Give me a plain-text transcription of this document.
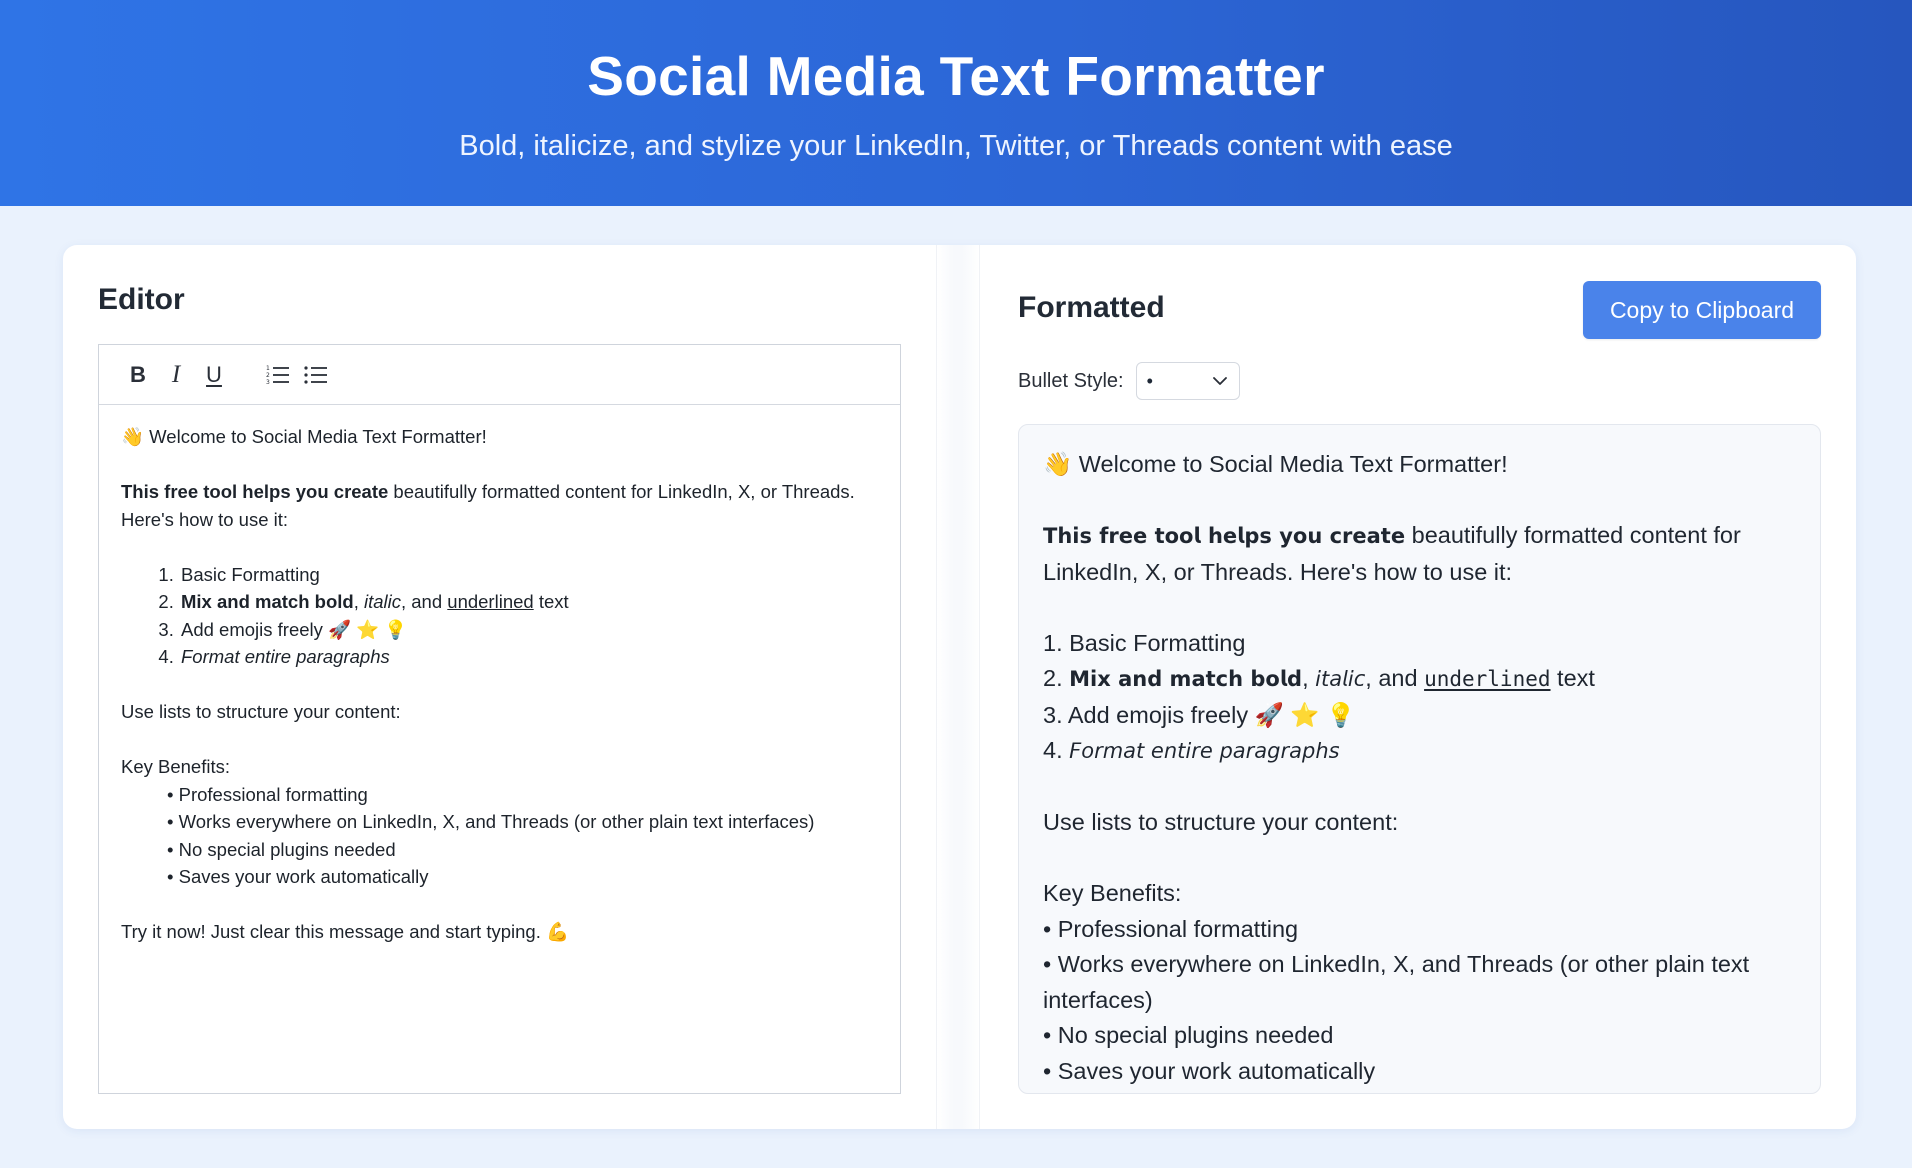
Social Media Text Formatter
Bold, italicize, and stylize your LinkedIn, Twitter, or Threads content with ease
Editor
B	I	U	1
2
3

👋 Welcome to Social Media Text Formatter!

This free tool helps you create beautifully formatted content for LinkedIn, X, or Threads. Here's how to use it:

1. Basic Formatting
2. Mix and match bold, italic, and underlined text
3. Add emojis freely 🚀 ⭐ 💡
4. Format entire paragraphs

Use lists to structure your content:

Key Benefits:

• Professional formatting
• Works everywhere on LinkedIn, X, and Threads (or other plain text interfaces)
• No special plugins needed
• Saves your work automatically

Try it now! Just clear this message and start typing. 💪

Formatted	Copy to Clipboard
Bullet Style: •

👋 Welcome to Social Media Text Formatter!

𝗧𝗵𝗶𝘀 𝗳𝗿𝗲𝗲 𝘁𝗼𝗼𝗹 𝗵𝗲𝗹𝗽𝘀 𝘆𝗼𝘂 𝗰𝗿𝗲𝗮𝘁𝗲 beautifully formatted content for LinkedIn, X, or Threads. Here's how to use it:

1. Basic Formatting

2. 𝗠𝗶𝘅 𝗮𝗻𝗱 𝗺𝗮𝘁𝗰𝗵 𝗯𝗼𝗹𝗱, 𝘪𝘵𝘢𝘭𝘪𝘤, and underlined text

3. Add emojis freely 🚀 ⭐ 💡

4. 𝘍𝘰𝘳𝘮𝘢𝘵 𝘦𝘯𝘵𝘪𝘳𝘦 𝘱𝘢𝘳𝘢𝘨𝘳𝘢𝘱𝘩𝘴

Use lists to structure your content:

Key Benefits:

• Professional formatting

• Works everywhere on LinkedIn, X, and Threads (or other plain text interfaces)

• No special plugins needed

• Saves your work automatically
